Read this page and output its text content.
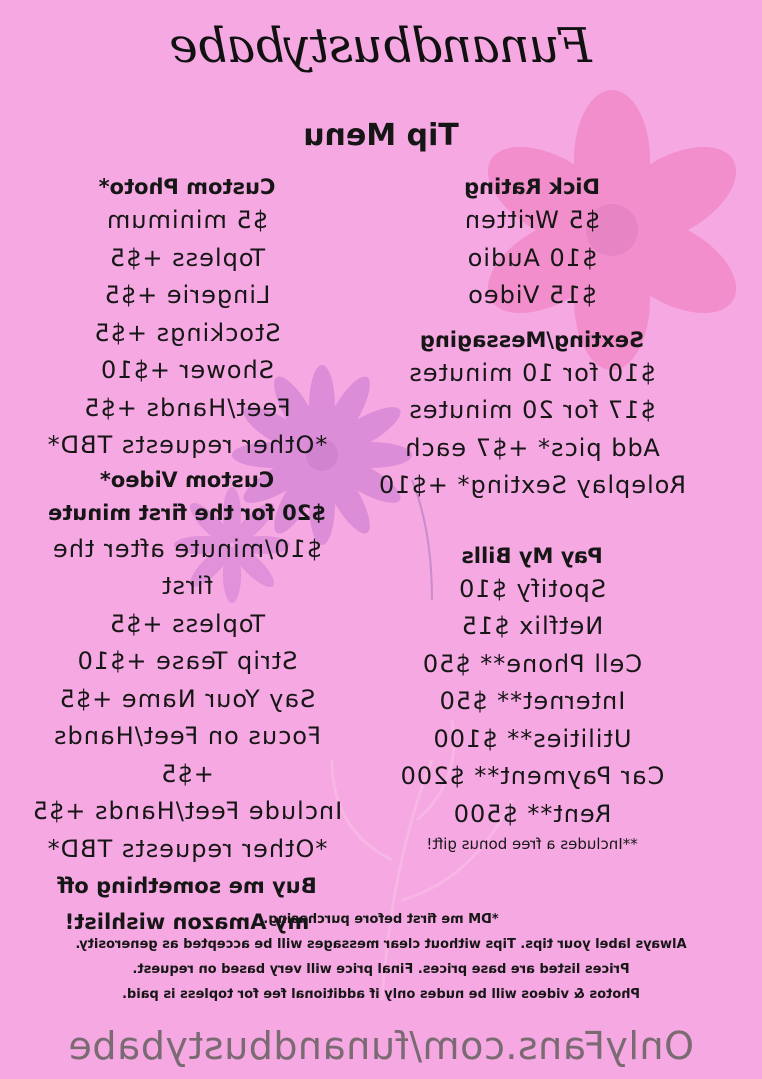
Funandbustybabe
Tip Menu
Dick Rating
$5 Written
$10 Audio
$15 Video
Sexting/Messaging
$10 for 10 minutes
$17 for 20 minutes
Add pics* +$7 each
Roleplay Sexting* +$10
Pay My Bills
Spotify $10
Netflix $15
Cell Phone** $50
Internet** $50
Utilities** $100
Car Payment** $200
Rent** $500
**Includes a free bonus gift!
Custom Photo*
$5 minimum
Topless +$5
Lingerie +$5
Stockings +$5
Shower +$10
Feet/Hands +$5
*Other requests TBD*
Custom Video*
$20 for the first minute
$10/minute after the first
Topless +$5
Strip Tease +$10
Say Your Name +$5
Focus on Feet/Hands +$5
Include Feet/Hands +$5
*Other requests TBD*
Buy me something off
my Amazon wishlist!
*DM me first before purchasing.
Always label your tips. Tips without clear messages will be accepted as generosity.
Prices listed are base prices. Final price will very based on request.
Photos & videos will be nudes only if additional fee for topless is paid.
OnlyFans.com/funandbustybabe
